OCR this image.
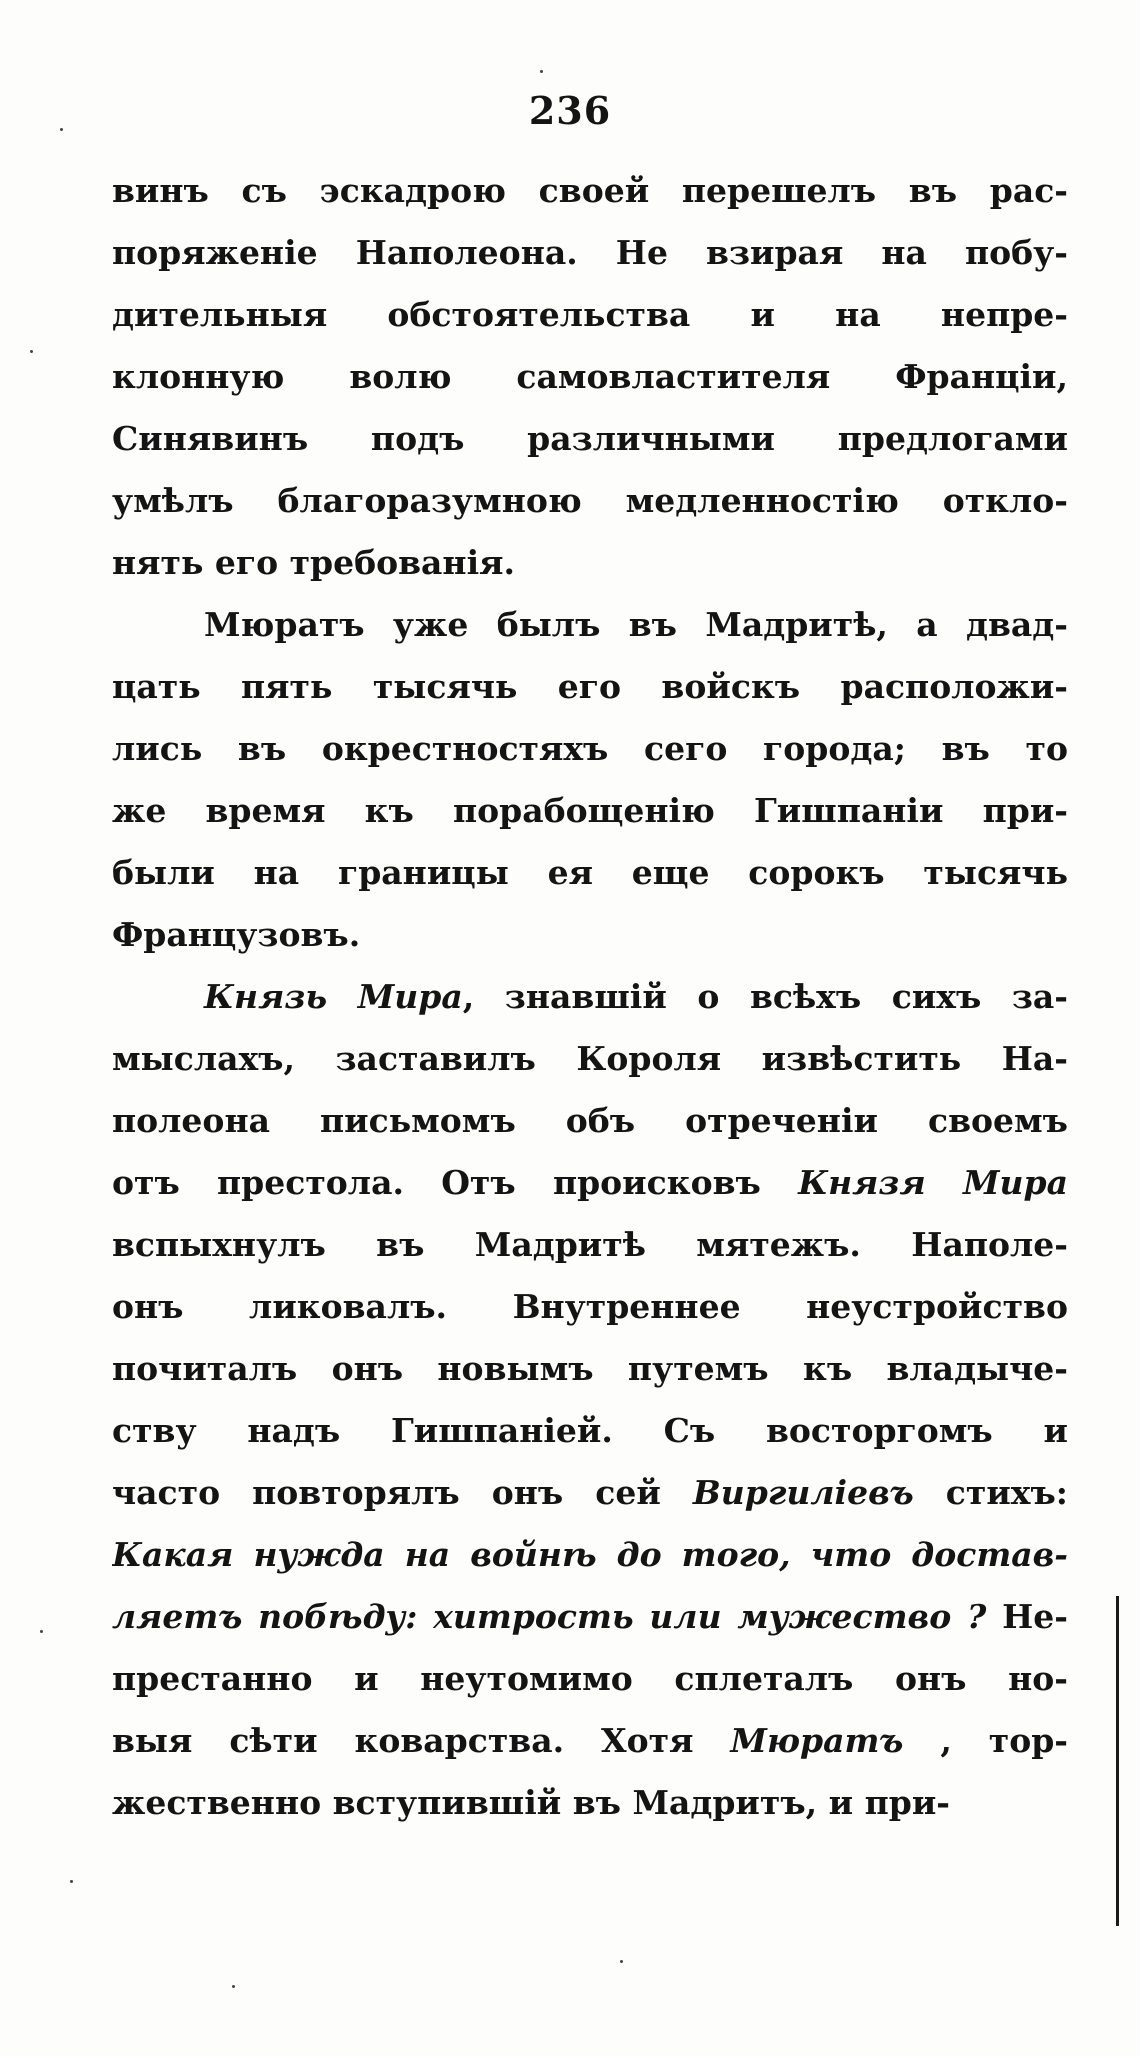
236
винъ съ эскадрою своей перешелъ въ рас-
поряженіе Наполеона. Не взирая на побу-
дительныя обстоятельства и на непре-
клонную волю самовластителя Франціи,
Синявинъ подъ различными предлогами
умѣлъ благоразумною медленностію отклo-
нять его требованія.
Мюратъ уже былъ въ Мадритѣ, а двад-
цать пять тысячь его войскъ расположи-
лись въ окрестностяхъ сего города; въ то
же время къ порабощенію Гишпаніи при-
были на границы ея еще сорокъ тысячь
Французовъ.
Князь Мира, знавшій о всѣхъ сихъ за-
мыслахъ, заставилъ Короля извѣстить На-
полеона письмомъ объ отреченіи своемъ
отъ престола. Отъ происковъ Князя Мира
вспыхнулъ въ Мадритѣ мятежъ. Наполе-
онъ ликовалъ. Внутреннее неустройство
почиталъ онъ новымъ путемъ къ владыче-
ству надъ Гишпаніей. Съ восторгомъ и
часто повторялъ онъ сей Виргиліевъ стихъ:
Какая нужда на войнѣ до того, что достав-
ляетъ побѣду: хитрость или мужество ? Не-
престанно и неутомимо сплеталъ онъ но-
выя сѣти коварства. Хотя Мюратъ , тор-
жественно вступившій въ Мадритъ, и при-
